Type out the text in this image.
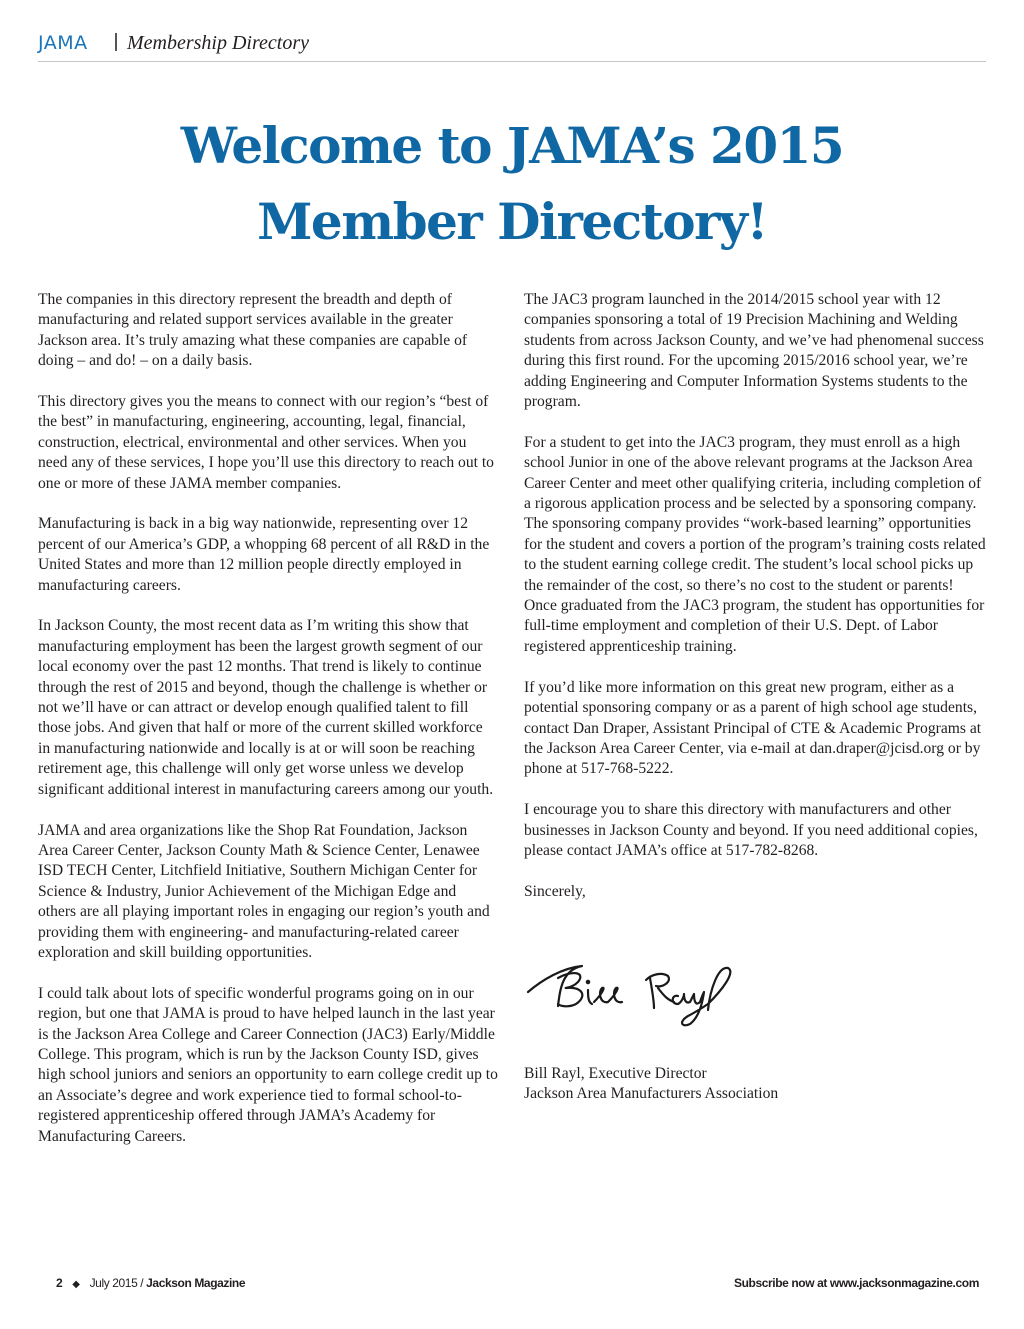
JAMA Membership Directory
Welcome to JAMA’s 2015
Member Directory!

The companies in this directory represent the breadth and depth of manufacturing and related support services available in the greater Jackson area. It’s truly amazing what these companies are capable of doing – and do! – on a daily basis.

This directory gives you the means to connect with our region’s “best of the best” in manufacturing, engineering, accounting, legal, financial, construction, electrical, environmental and other services. When you need any of these services, I hope you’ll use this directory to reach out to one or more of these JAMA member companies.

Manufacturing is back in a big way nationwide, representing over 12 percent of our America’s GDP, a whopping 68 percent of all R&D in the United States and more than 12 million people directly employed in manufacturing careers.

In Jackson County, the most recent data as I’m writing this show that manufacturing employment has been the largest growth segment of our local economy over the past 12 months. That trend is likely to continue through the rest of 2015 and beyond, though the challenge is whether or not we’ll have or can attract or develop enough qualified talent to fill those jobs. And given that half or more of the current skilled workforce in manufacturing nationwide and locally is at or will soon be reaching retirement age, this challenge will only get worse unless we develop significant additional interest in manufacturing careers among our youth.

JAMA and area organizations like the Shop Rat Foundation, Jackson Area Career Center, Jackson County Math & Science Center, Lenawee ISD TECH Center, Litchfield Initiative, Southern Michigan Center for Science & Industry, Junior Achievement of the Michigan Edge and others are all playing important roles in engaging our region’s youth and providing them with engineering- and manufacturing-related career exploration and skill building opportunities.

I could talk about lots of specific wonderful programs going on in our region, but one that JAMA is proud to have helped launch in the last year is the Jackson Area College and Career Connection (JAC3) Early/Middle College. This program, which is run by the Jackson County ISD, gives high school juniors and seniors an opportunity to earn college credit up to an Associate’s degree and work experience tied to formal school-to-registered apprenticeship offered through JAMA’s Academy for Manufacturing Careers.

The JAC3 program launched in the 2014/2015 school year with 12 companies sponsoring a total of 19 Precision Machining and Welding students from across Jackson County, and we’ve had phenomenal success during this first round. For the upcoming 2015/2016 school year, we’re adding Engineering and Computer Information Systems students to the program.

For a student to get into the JAC3 program, they must enroll as a high school Junior in one of the above relevant programs at the Jackson Area Career Center and meet other qualifying criteria, including completion of a rigorous application process and be selected by a sponsoring company. The sponsoring company provides “work-based learning” opportunities for the student and covers a portion of the program’s training costs related to the student earning college credit. The student’s local school picks up the remainder of the cost, so there’s no cost to the student or parents! Once graduated from the JAC3 program, the student has opportunities for full-time employment and completion of their U.S. Dept. of Labor registered apprenticeship training.

If you’d like more information on this great new program, either as a potential sponsoring company or as a parent of high school age students, contact Dan Draper, Assistant Principal of CTE & Academic Programs at the Jackson Area Career Center, via e-mail at dan.draper@jcisd.org or by phone at 517-768-5222.

I encourage you to share this directory with manufacturers and other businesses in Jackson County and beyond. If you need additional copies, please contact JAMA’s office at 517-782-8268.

Sincerely,

Bill Rayl, Executive Director
Jackson Area Manufacturers Association
2 ◆ July 2015 / Jackson Magazine	Subscribe now at www.jacksonmagazine.com
